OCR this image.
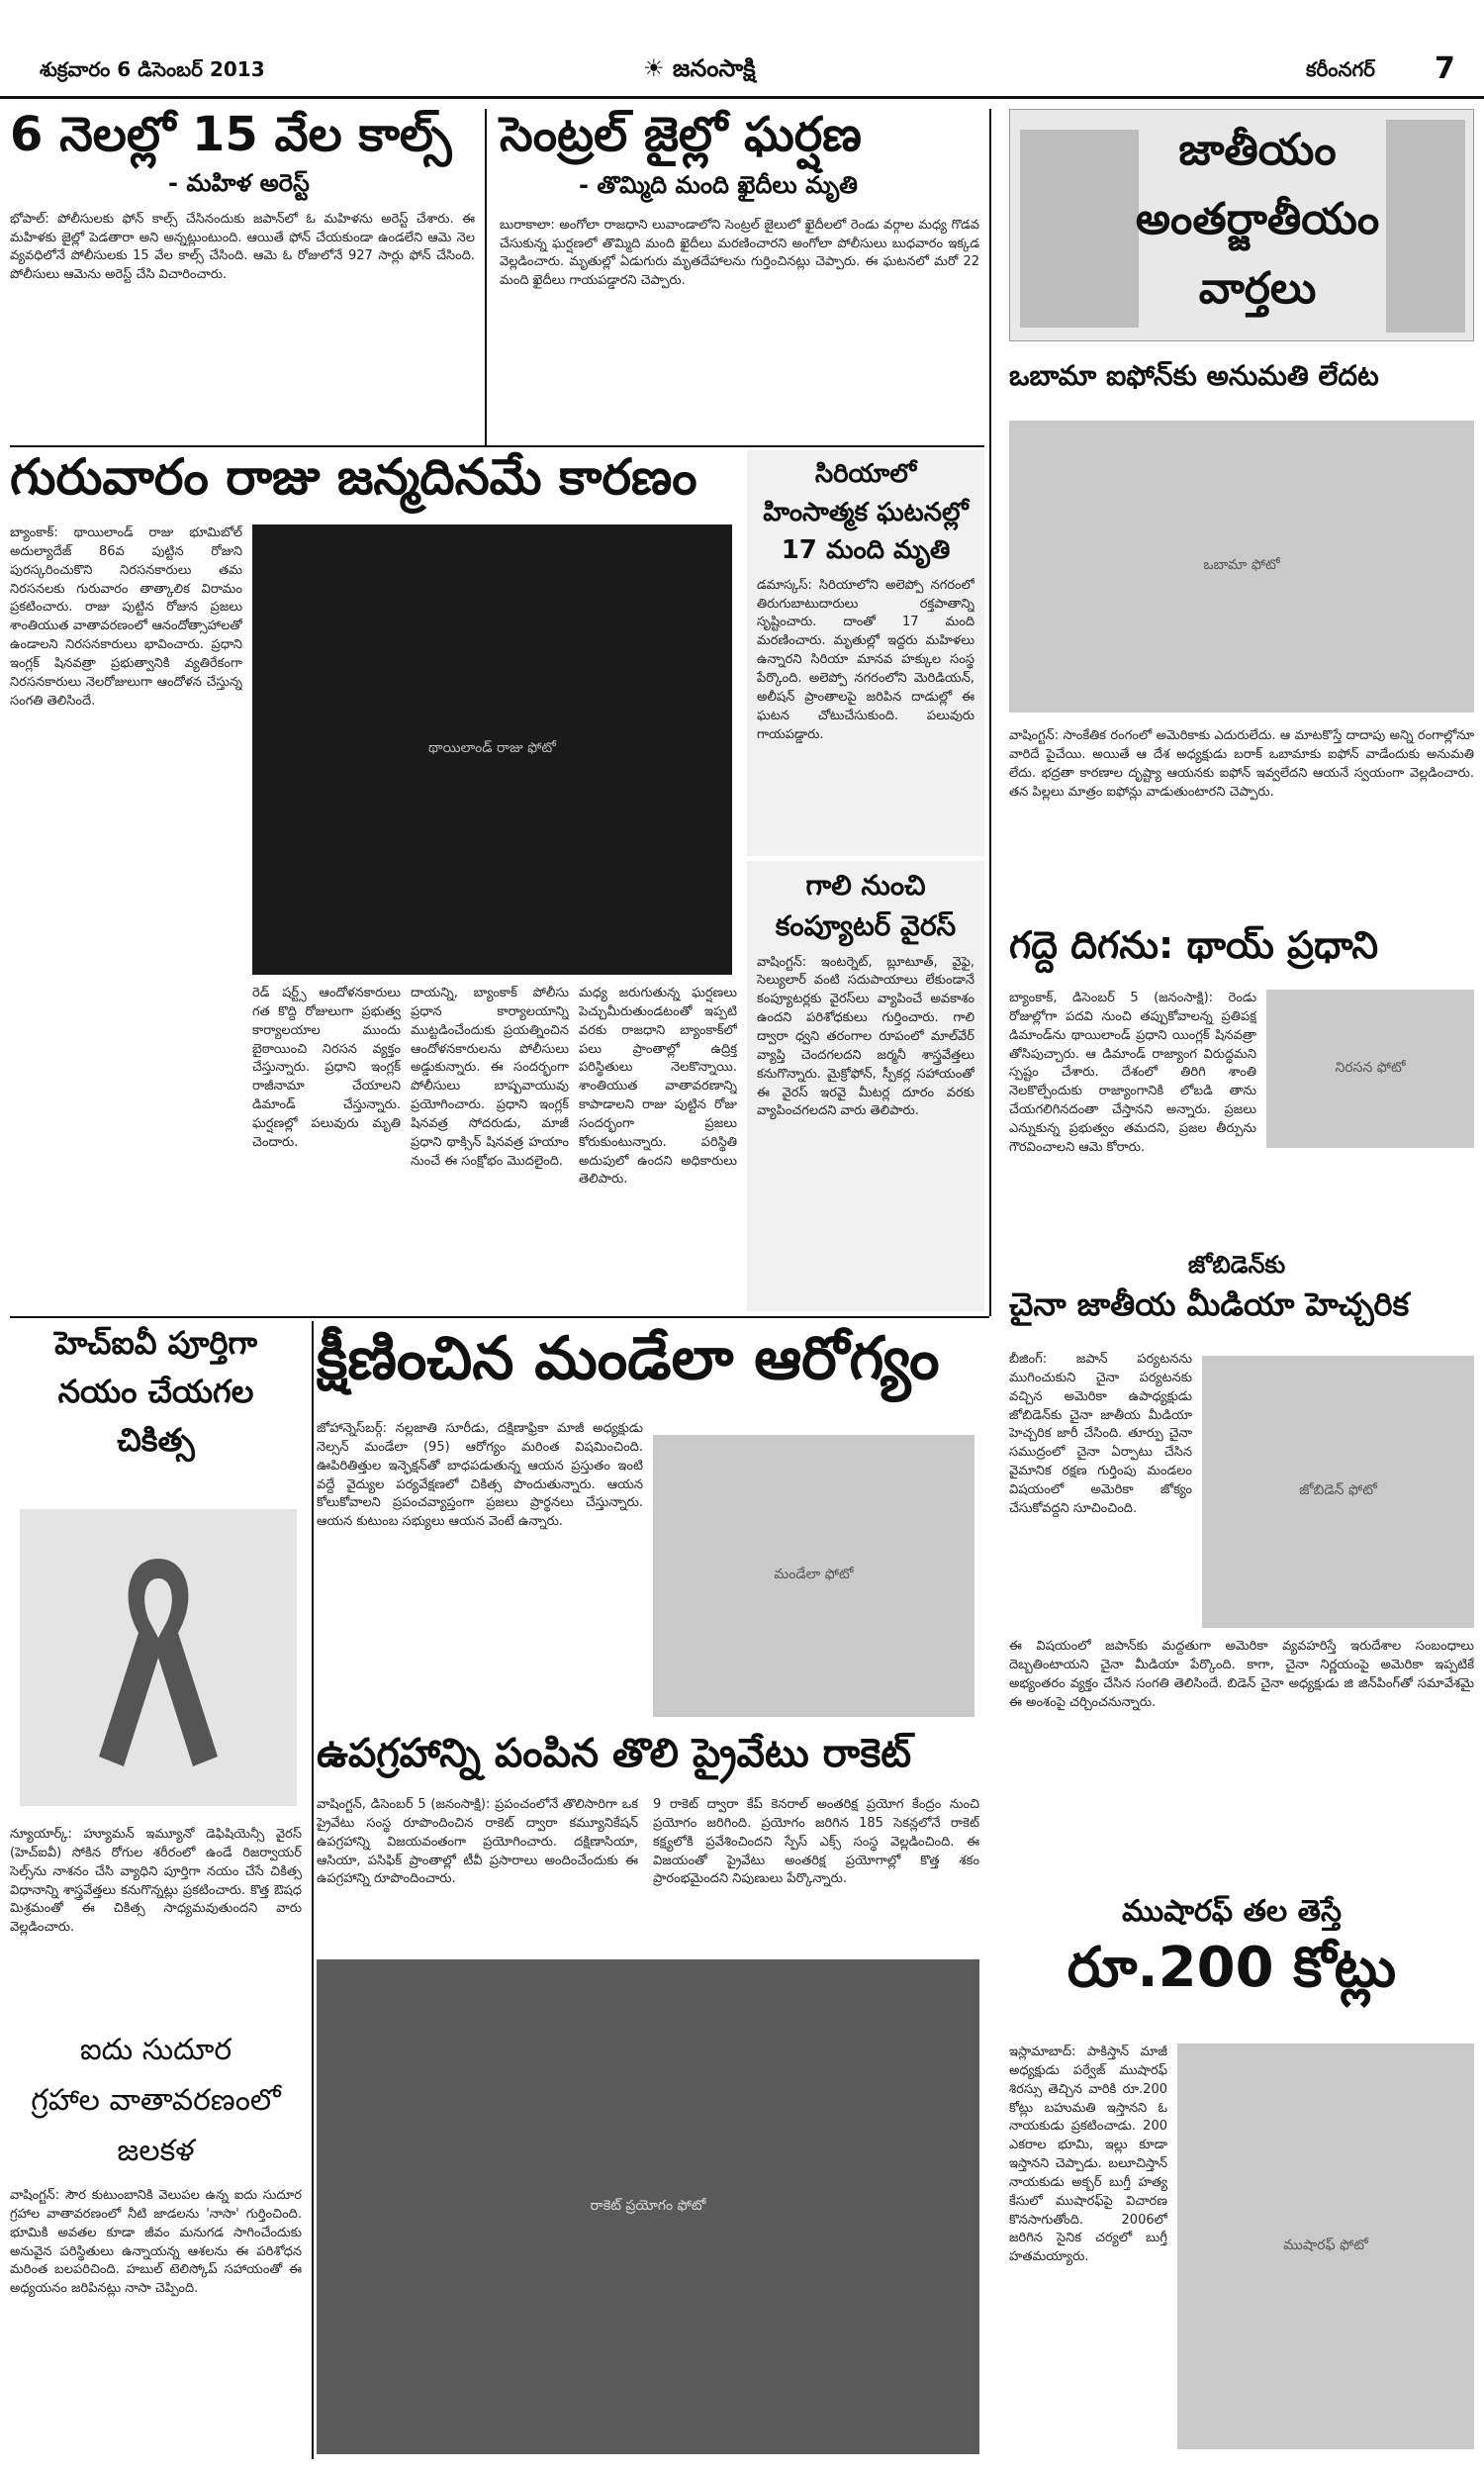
శుక్రవారం 6 డిసెంబర్ 2013	☀ జనంసాక్షి	కరీంనగర్ 7
6 నెలల్లో 15 వేల కాల్స్
- మహిళ అరెస్ట్
భోపాల్: పోలీసులకు ఫోన్ కాల్స్ చేసినందుకు జపాన్‌లో ఓ మహిళను అరెస్ట్ చేశారు. ఈ మహిళకు జైల్లో పెడతారా అని అన్నట్లుంటుంది. ఆయితే ఫోన్ చేయకుండా ఉండలేని ఆమె నెల వ్యవధిలోనే పోలీసులకు 15 వేల కాల్స్ చేసింది. ఆమె ఓ రోజులోనే 927 సార్లు ఫోన్ చేసింది. పోలీసులు ఆమెను అరెస్ట్ చేసి విచారించారు.
సెంట్రల్ జైల్లో ఘర్షణ
- తొమ్మిది మంది ఖైదీలు మృతి
బురాకాలా: అంగోలా రాజధాని లువాండాలోని సెంట్రల్ జైలులో ఖైదీలలో రెండు వర్గాల మధ్య గొడవ చేసుకున్న ఘర్షణలో తొమ్మిది మంది ఖైదీలు మరణించారని అంగోలా పోలీసులు బుధవారం ఇక్కడ వెల్లడించారు. మృతుల్లో ఏడుగురు మృతదేహాలను గుర్తించినట్లు చెప్పారు. ఈ ఘటనలో మరో 22 మంది ఖైదీలు గాయపడ్డారని చెప్పారు.
గురువారం రాజు జన్మదినమే కారణం
బ్యాంకాక్: థాయిలాండ్ రాజు భూమిబోల్ అదుల్యాదేజ్ 86వ పుట్టిన రోజుని పురస్కరించుకొని నిరసనకారులు తమ నిరసనలకు గురువారం తాత్కాలిక విరామం ప్రకటించారు. రాజు పుట్టిన రోజున ప్రజలు శాంతియుత వాతావరణంలో ఆనందోత్సాహాలతో ఉండాలని నిరసనకారులు భావించారు. ప్రధాని ఇంగ్లక్ షినవత్రా ప్రభుత్వానికి వ్యతిరేకంగా నిరసనకారులు నెలరోజులుగా ఆందోళన చేస్తున్న సంగతి తెలిసిందే.
థాయిలాండ్ రాజు ఫోటో
రెడ్ షర్ట్స్ ఆందోళనకారులు గత కొద్ది రోజులుగా ప్రభుత్వ కార్యాలయాల ముందు బైఠాయించి నిరసన వ్యక్తం చేస్తున్నారు. ప్రధాని ఇంగ్లక్ రాజీనామా చేయాలని డిమాండ్ చేస్తున్నారు. ఘర్షణల్లో పలువురు మృతి చెందారు.
దాయన్ని, బ్యాంకాక్ పోలీసు ప్రధాన కార్యాలయాన్ని ముట్టడించేందుకు ప్రయత్నించిన ఆందోళనకారులను పోలీసులు అడ్డుకున్నారు. ఈ సందర్భంగా పోలీసులు బాష్పవాయువు ప్రయోగించారు. ప్రధాని ఇంగ్లక్ షినవత్ర సోదరుడు, మాజీ ప్రధాని థాక్సిన్ షినవత్ర హయాం నుంచే ఈ సంక్షోభం మొదలైంది.
మధ్య జరుగుతున్న ఘర్షణలు పెచ్చుమీరుతుండటంతో ఇప్పటి వరకు రాజధాని బ్యాంకాక్‌లో పలు ప్రాంతాల్లో ఉద్రిక్త పరిస్థితులు నెలకొన్నాయి. శాంతియుత వాతావరణాన్ని కాపాడాలని రాజు పుట్టిన రోజు సందర్భంగా ప్రజలు కోరుకుంటున్నారు. పరిస్థితి అదుపులో ఉందని అధికారులు తెలిపారు.
సిరియాలో
హింసాత్మక ఘటనల్లో
17 మంది మృతి
డమాస్కస్: సిరియాలోని అలెప్పో నగరంలో తిరుగుబాటుదారులు రక్తపాతాన్ని సృష్టించారు. దాంతో 17 మంది మరణించారు. మృతుల్లో ఇద్దరు మహిళలు ఉన్నారని సిరియా మానవ హక్కుల సంస్థ పేర్కొంది. అలెప్పో నగరంలోని మెరిడియన్, అలీషన్ ప్రాంతాలపై జరిపిన దాడుల్లో ఈ ఘటన చోటుచేసుకుంది. పలువురు గాయపడ్డారు.
గాలి నుంచి
కంప్యూటర్ వైరస్
వాషింగ్టన్: ఇంటర్నెట్, బ్లూటూత్, వైఫై, సెల్యులార్ వంటి సదుపాయాలు లేకుండానే కంప్యూటర్లకు వైరస్‌లు వ్యాపించే అవకాశం ఉందని పరిశోధకులు గుర్తించారు. గాలి ద్వారా ధ్వని తరంగాల రూపంలో మాల్‌వేర్ వ్యాప్తి చెందగలదని జర్మనీ శాస్త్రవేత్తలు కనుగొన్నారు. మైక్రోఫోన్, స్పీకర్ల సహాయంతో ఈ వైరస్ ఇరవై మీటర్ల దూరం వరకు వ్యాపించగలదని వారు తెలిపారు.
జాతీయం
అంతర్జాతీయం
వార్తలు
ఒబామా ఐఫోన్‌కు అనుమతి లేదట
ఒబామా ఫోటో
వాషింగ్టన్: సాంకేతిక రంగంలో అమెరికాకు ఎదురులేదు. ఆ మాటకొస్తే దాదాపు అన్ని రంగాల్లోనూ వారిదే పైచేయి. అయితే ఆ దేశ అధ్యక్షుడు బరాక్ ఒబామాకు ఐఫోన్ వాడేందుకు అనుమతి లేదు. భద్రతా కారణాల దృష్ట్యా ఆయనకు ఐఫోన్ ఇవ్వలేదని ఆయనే స్వయంగా వెల్లడించారు. తన పిల్లలు మాత్రం ఐఫోన్లు వాడుతుంటారని చెప్పారు.
గద్దె దిగను: థాయ్ ప్రధాని
బ్యాంకాక్, డిసెంబర్ 5 (జనంసాక్షి): రెండు రోజుల్లోగా పదవి నుంచి తప్పుకోవాలన్న ప్రతిపక్ష డిమాండ్‌ను థాయిలాండ్ ప్రధాని యింగ్లక్ షినవత్రా తోసిపుచ్చారు. ఆ డిమాండ్ రాజ్యాంగ విరుద్ధమని స్పష్టం చేశారు. దేశంలో తిరిగి శాంతి నెలకొల్పేందుకు రాజ్యాంగానికి లోబడి తాను చేయగలిగినదంతా చేస్తానని అన్నారు. ప్రజలు ఎన్నుకున్న ప్రభుత్వం తమదని, ప్రజల తీర్పును గౌరవించాలని ఆమె కోరారు.
నిరసన ఫోటో
జోబిడెన్‌కు
చైనా జాతీయ మీడియా హెచ్చరిక
బీజింగ్: జపాన్ పర్యటనను ముగించుకుని చైనా పర్యటనకు వచ్చిన అమెరికా ఉపాధ్యక్షుడు జోబిడెన్‌కు చైనా జాతీయ మీడియా హెచ్చరిక జారీ చేసింది. తూర్పు చైనా సముద్రంలో చైనా ఏర్పాటు చేసిన వైమానిక రక్షణ గుర్తింపు మండలం విషయంలో అమెరికా జోక్యం చేసుకోవద్దని సూచించింది.
జోబిడెన్ ఫోటో
ఈ విషయంలో జపాన్‌కు మద్దతుగా అమెరికా వ్యవహరిస్తే ఇరుదేశాల సంబంధాలు దెబ్బతింటాయని చైనా మీడియా పేర్కొంది. కాగా, చైనా నిర్ణయంపై అమెరికా ఇప్పటికే అభ్యంతరం వ్యక్తం చేసిన సంగతి తెలిసిందే. బిడెన్ చైనా అధ్యక్షుడు జి జిన్‌పింగ్‌తో సమావేశమై ఈ అంశంపై చర్చించనున్నారు.
హెచ్ఐవీ పూర్తిగా
నయం చేయగల
చికిత్స
న్యూయార్క్: హ్యూమన్ ఇమ్యూనో డెఫిషియెన్సీ వైరస్ (హెచ్ఐవీ) సోకిన రోగుల శరీరంలో ఉండే రిజర్వాయర్‌ సెల్స్‌ను నాశనం చేసి వ్యాధిని పూర్తిగా నయం చేసే చికిత్స విధానాన్ని శాస్త్రవేత్తలు కనుగొన్నట్లు ప్రకటించారు. కొత్త ఔషధ మిశ్రమంతో ఈ చికిత్స సాధ్యమవుతుందని వారు వెల్లడించారు.
ఐదు సుదూర
గ్రహాల వాతావరణంలో
జలకళ
వాషింగ్టన్: సౌర కుటుంబానికి వెలుపల ఉన్న ఐదు సుదూర గ్రహాల వాతావరణంలో నీటి జాడలను 'నాసా' గుర్తించింది. భూమికి అవతల కూడా జీవం మనుగడ సాగించేందుకు అనువైన పరిస్థితులు ఉన్నాయన్న ఆశలను ఈ పరిశోధన మరింత బలపరిచింది. హబుల్ టెలిస్కోప్ సహాయంతో ఈ అధ్యయనం జరిపినట్లు నాసా చెప్పింది.
క్షీణించిన మండేలా ఆరోగ్యం
జోహాన్నెస్‌బర్గ్: నల్లజాతి సూరీడు, దక్షిణాఫ్రికా మాజీ అధ్యక్షుడు నెల్సన్ మండేలా (95) ఆరోగ్యం మరింత విషమించింది. ఊపిరితిత్తుల ఇన్ఫెక్షన్‌తో బాధపడుతున్న ఆయన ప్రస్తుతం ఇంటి వద్దే వైద్యుల పర్యవేక్షణలో చికిత్స పొందుతున్నారు. ఆయన కోలుకోవాలని ప్రపంచవ్యాప్తంగా ప్రజలు ప్రార్థనలు చేస్తున్నారు. ఆయన కుటుంబ సభ్యులు ఆయన వెంటే ఉన్నారు.
మండేలా ఫోటో
ఉపగ్రహాన్ని పంపిన తొలి ప్రైవేటు రాకెట్
వాషింగ్టన్, డిసెంబర్ 5 (జనంసాక్షి): ప్రపంచంలోనే తొలిసారిగా ఒక ప్రైవేటు సంస్థ రూపొందించిన రాకెట్ ద్వారా కమ్యూనికేషన్ ఉపగ్రహాన్ని విజయవంతంగా ప్రయోగించారు. దక్షిణాసియా, ఆసియా, పసిఫిక్ ప్రాంతాల్లో టీవీ ప్రసారాలు అందించేందుకు ఈ ఉపగ్రహాన్ని రూపొందించారు.
9 రాకెట్ ద్వారా కేప్ కెనరాల్ అంతరిక్ష ప్రయోగ కేంద్రం నుంచి ప్రయోగం జరిగింది. ప్రయోగం జరిగిన 185 సెకన్లలోనే రాకెట్ కక్ష్యలోకి ప్రవేశించిందని స్పేస్ ఎక్స్ సంస్థ వెల్లడించింది. ఈ విజయంతో ప్రైవేటు అంతరిక్ష ప్రయోగాల్లో కొత్త శకం ప్రారంభమైందని నిపుణులు పేర్కొన్నారు.
రాకెట్ ప్రయోగం ఫోటో
ముషారఫ్ తల తెస్తే
రూ.200 కోట్లు
ఇస్లామాబాద్: పాకిస్తాన్ మాజీ అధ్యక్షుడు పర్వేజ్ ముషారఫ్ శిరస్సు తెచ్చిన వారికి రూ.200 కోట్లు బహుమతి ఇస్తానని ఓ నాయకుడు ప్రకటించాడు. 200 ఎకరాల భూమి, ఇల్లు కూడా ఇస్తానని చెప్పాడు. బలూచిస్తాన్ నాయకుడు అక్బర్ బుగ్తీ హత్య కేసులో ముషారఫ్‌పై విచారణ కొనసాగుతోంది. 2006లో జరిగిన సైనిక చర్యలో బుగ్తీ హతమయ్యారు.
ముషారఫ్ ఫోటో
